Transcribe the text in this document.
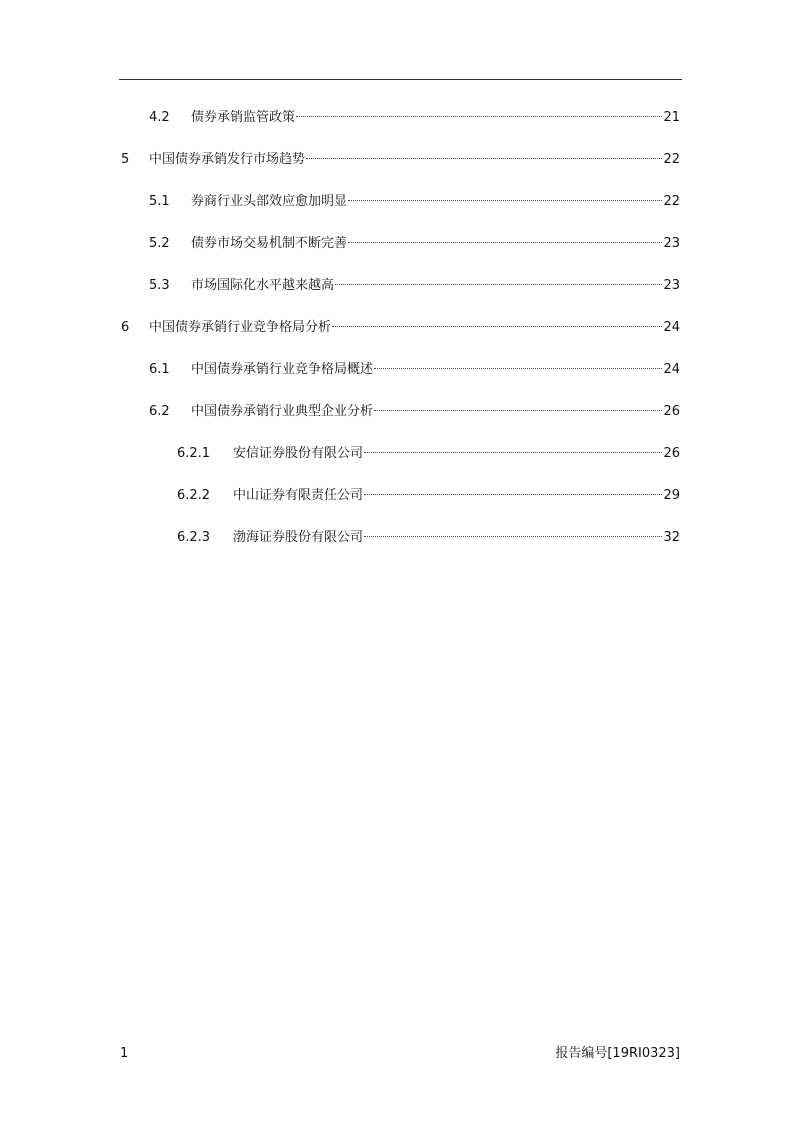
4.2	债券承销监管政策	21
5	中国债券承销发行市场趋势	22
5.1	券商行业头部效应愈加明显	22
5.2	债券市场交易机制不断完善	23
5.3	市场国际化水平越来越高	23
6	中国债券承销行业竞争格局分析	24
6.1	中国债券承销行业竞争格局概述	24
6.2	中国债券承销行业典型企业分析	26
6.2.1	安信证券股份有限公司	26
6.2.2	中山证券有限责任公司	29
6.2.3	渤海证券股份有限公司	32
1	报告编号[19RI0323]
